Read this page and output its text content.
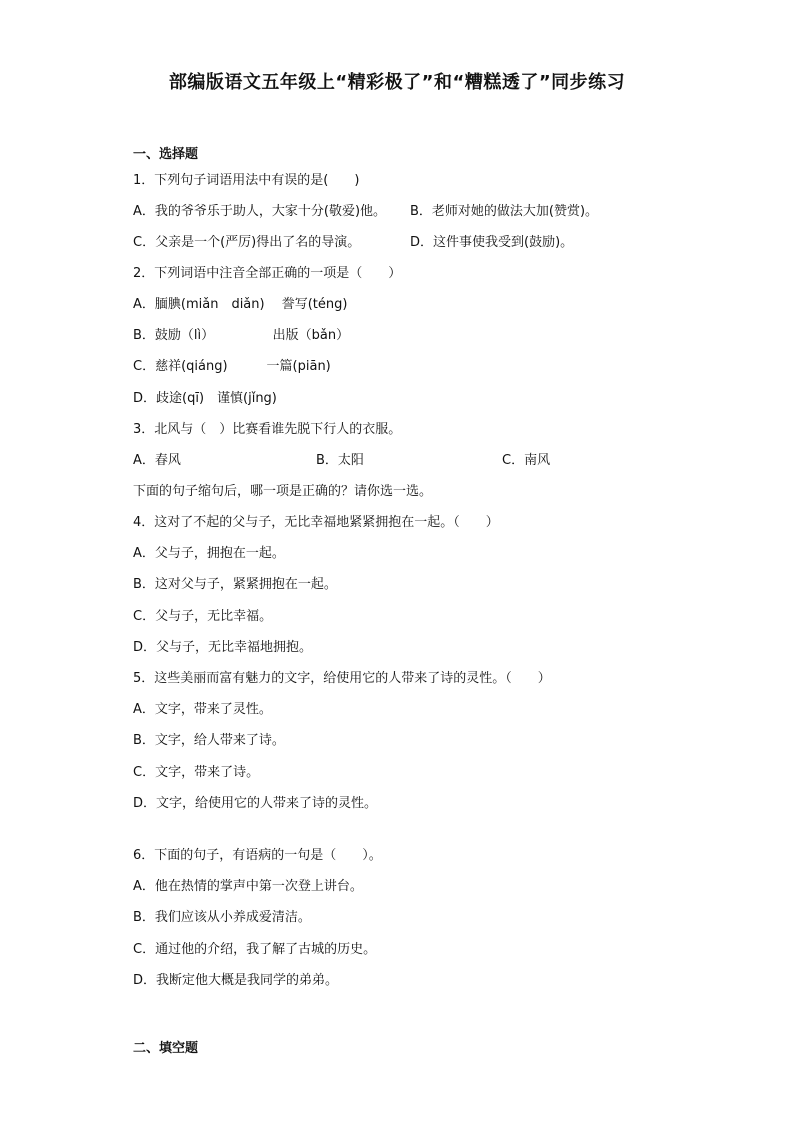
部编版语文五年级上“精彩极了”和“糟糕透了”同步练习
一、选择题
1．下列句子词语用法中有误的是(　　)
A．我的爷爷乐于助人，大家十分(敬爱)他。 B．老师对她的做法大加(赞赏)。
C．父亲是一个(严厉)得出了名的导演。	D．这件事使我受到(鼓励)。
2．下列词语中注音全部正确的一项是（　　）
A．腼腆(miǎn　diǎn)　 誊写(téng)
B．鼓励（lì）　　　　　出版（bǎn）
C．慈祥(qiáng)　　　一篇(piān)
D．歧途(qī)　谨慎(jǐng)
3．北风与（　）比赛看谁先脱下行人的衣服。
A．春风	B．太阳	C．南风
下面的句子缩句后，哪一项是正确的？请你选一选。
4．这对了不起的父与子，无比幸福地紧紧拥抱在一起。（　　）
A．父与子，拥抱在一起。
B．这对父与子，紧紧拥抱在一起。
C．父与子，无比幸福。
D．父与子，无比幸福地拥抱。
5．这些美丽而富有魅力的文字，给使用它的人带来了诗的灵性。（　　）
A．文字，带来了灵性。
B．文字，给人带来了诗。
C．文字，带来了诗。
D．文字，给使用它的人带来了诗的灵性。
6．下面的句子，有语病的一句是（　　）。
A．他在热情的掌声中第一次登上讲台。
B．我们应该从小养成爱清洁。
C．通过他的介绍，我了解了古城的历史。
D．我断定他大概是我同学的弟弟。
二、填空题
